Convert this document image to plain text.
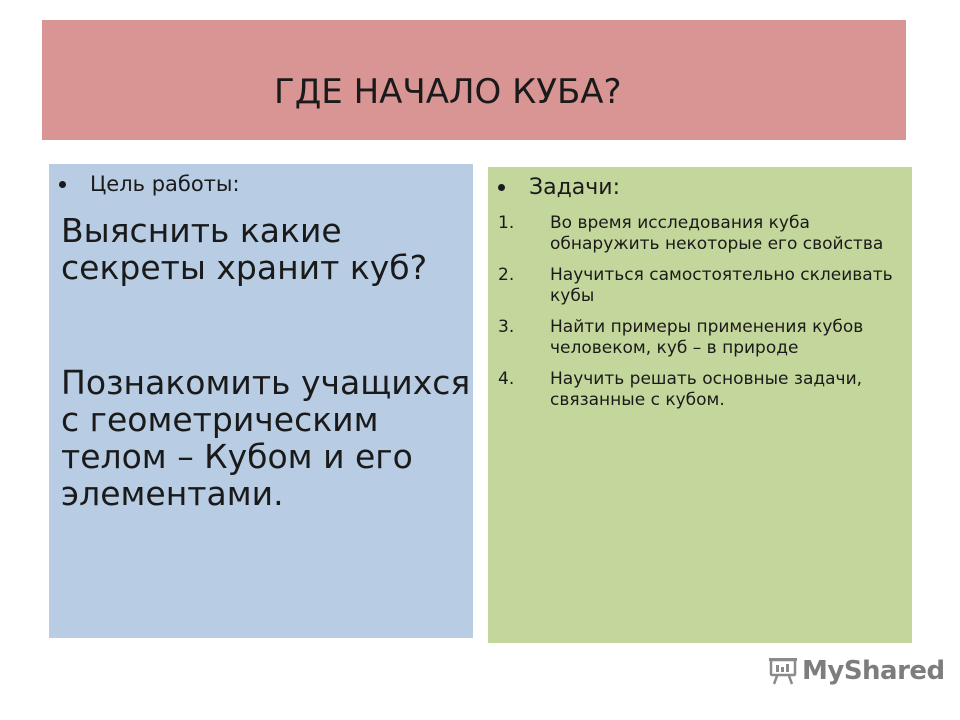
ГДЕ НАЧАЛО КУБА?
Цель работы:
Выяснить какие секреты хранит куб?
Познакомить учащихся с геометрическим телом – Кубом и его элементами.
Задачи:
1.	Во время исследования куба обнаружить некоторые его свойства
2.	Научиться самостоятельно склеивать кубы
3.	Найти примеры применения кубов человеком, куб – в природе
4.	Научить решать основные задачи, связанные с кубом.
MyShared
